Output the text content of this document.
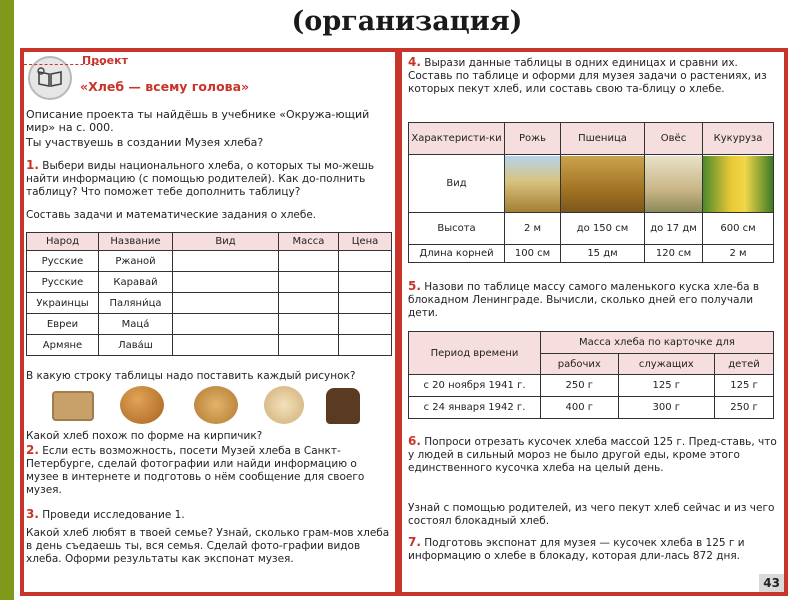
(организация)
Проект
«Хлеб — всему голова»
Описание проекта ты найдёшь в учебнике «Окружа-ющий мир» на с. 000.
Ты участвуешь в создании Музея хлеба?
1. Выбери виды национального хлеба, о которых ты мо-жешь найти информацию (с помощью родителей). Как до-полнить таблицу? Что поможет тебе дополнить таблицу?
Составь задачи и математические задания о хлебе.
Народ	Название	Вид	Масса	Цена
Русские	Ржаной			
Русские	Каравай			
Украинцы	Паляни́ца			
Евреи	Маца́			
Армяне	Лава́ш			
В какую строку таблицы надо поставить каждый рисунок?
Какой хлеб похож по форме на кирпичик?
2. Если есть возможность, посети Музей хлеба в Санкт-Петербурге, сделай фотографии или найди информацию о музее в интернете и подготовь о нём сообщение для своего музея.
3. Проведи исследование 1.
Какой хлеб любят в твоей семье? Узнай, сколько грам-мов хлеба в день съедаешь ты, вся семья. Сделай фото-графии видов хлеба. Оформи результаты как экспонат музея.
4. Вырази данные таблицы в одних единицах и сравни их. Составь по таблице и оформи для музея задачи о растениях, из которых пекут хлеб, или составь свою та-блицу о хлебе.
Характеристи-ки	Рожь	Пшеница	Овёс	Кукуруза
Вид	

Высота	2 м	до 150 см	до 17 дм	600 см
Длина корней	100 см	15 дм	120 см	2 м
5. Назови по таблице массу самого маленького куска хле-ба в блокадном Ленинграде. Вычисли, сколько дней его получали дети.
Период времени	Масса хлеба по карточке для		
	рабочих	служащих	детей
с 20 ноября 1941 г.	250 г	125 г	125 г
с 24 января 1942 г.	400 г	300 г	250 г
6. Попроси отрезать кусочек хлеба массой 125 г. Пред-ставь, что у людей в сильный мороз не было другой еды, кроме этого единственного кусочка хлеба на целый день.
Узнай с помощью родителей, из чего пекут хлеб сейчас и из чего состоял блокадный хлеб.
7. Подготовь экспонат для музея — кусочек хлеба в 125 г и информацию о хлебе в блокаду, которая дли-лась 872 дня.
43
